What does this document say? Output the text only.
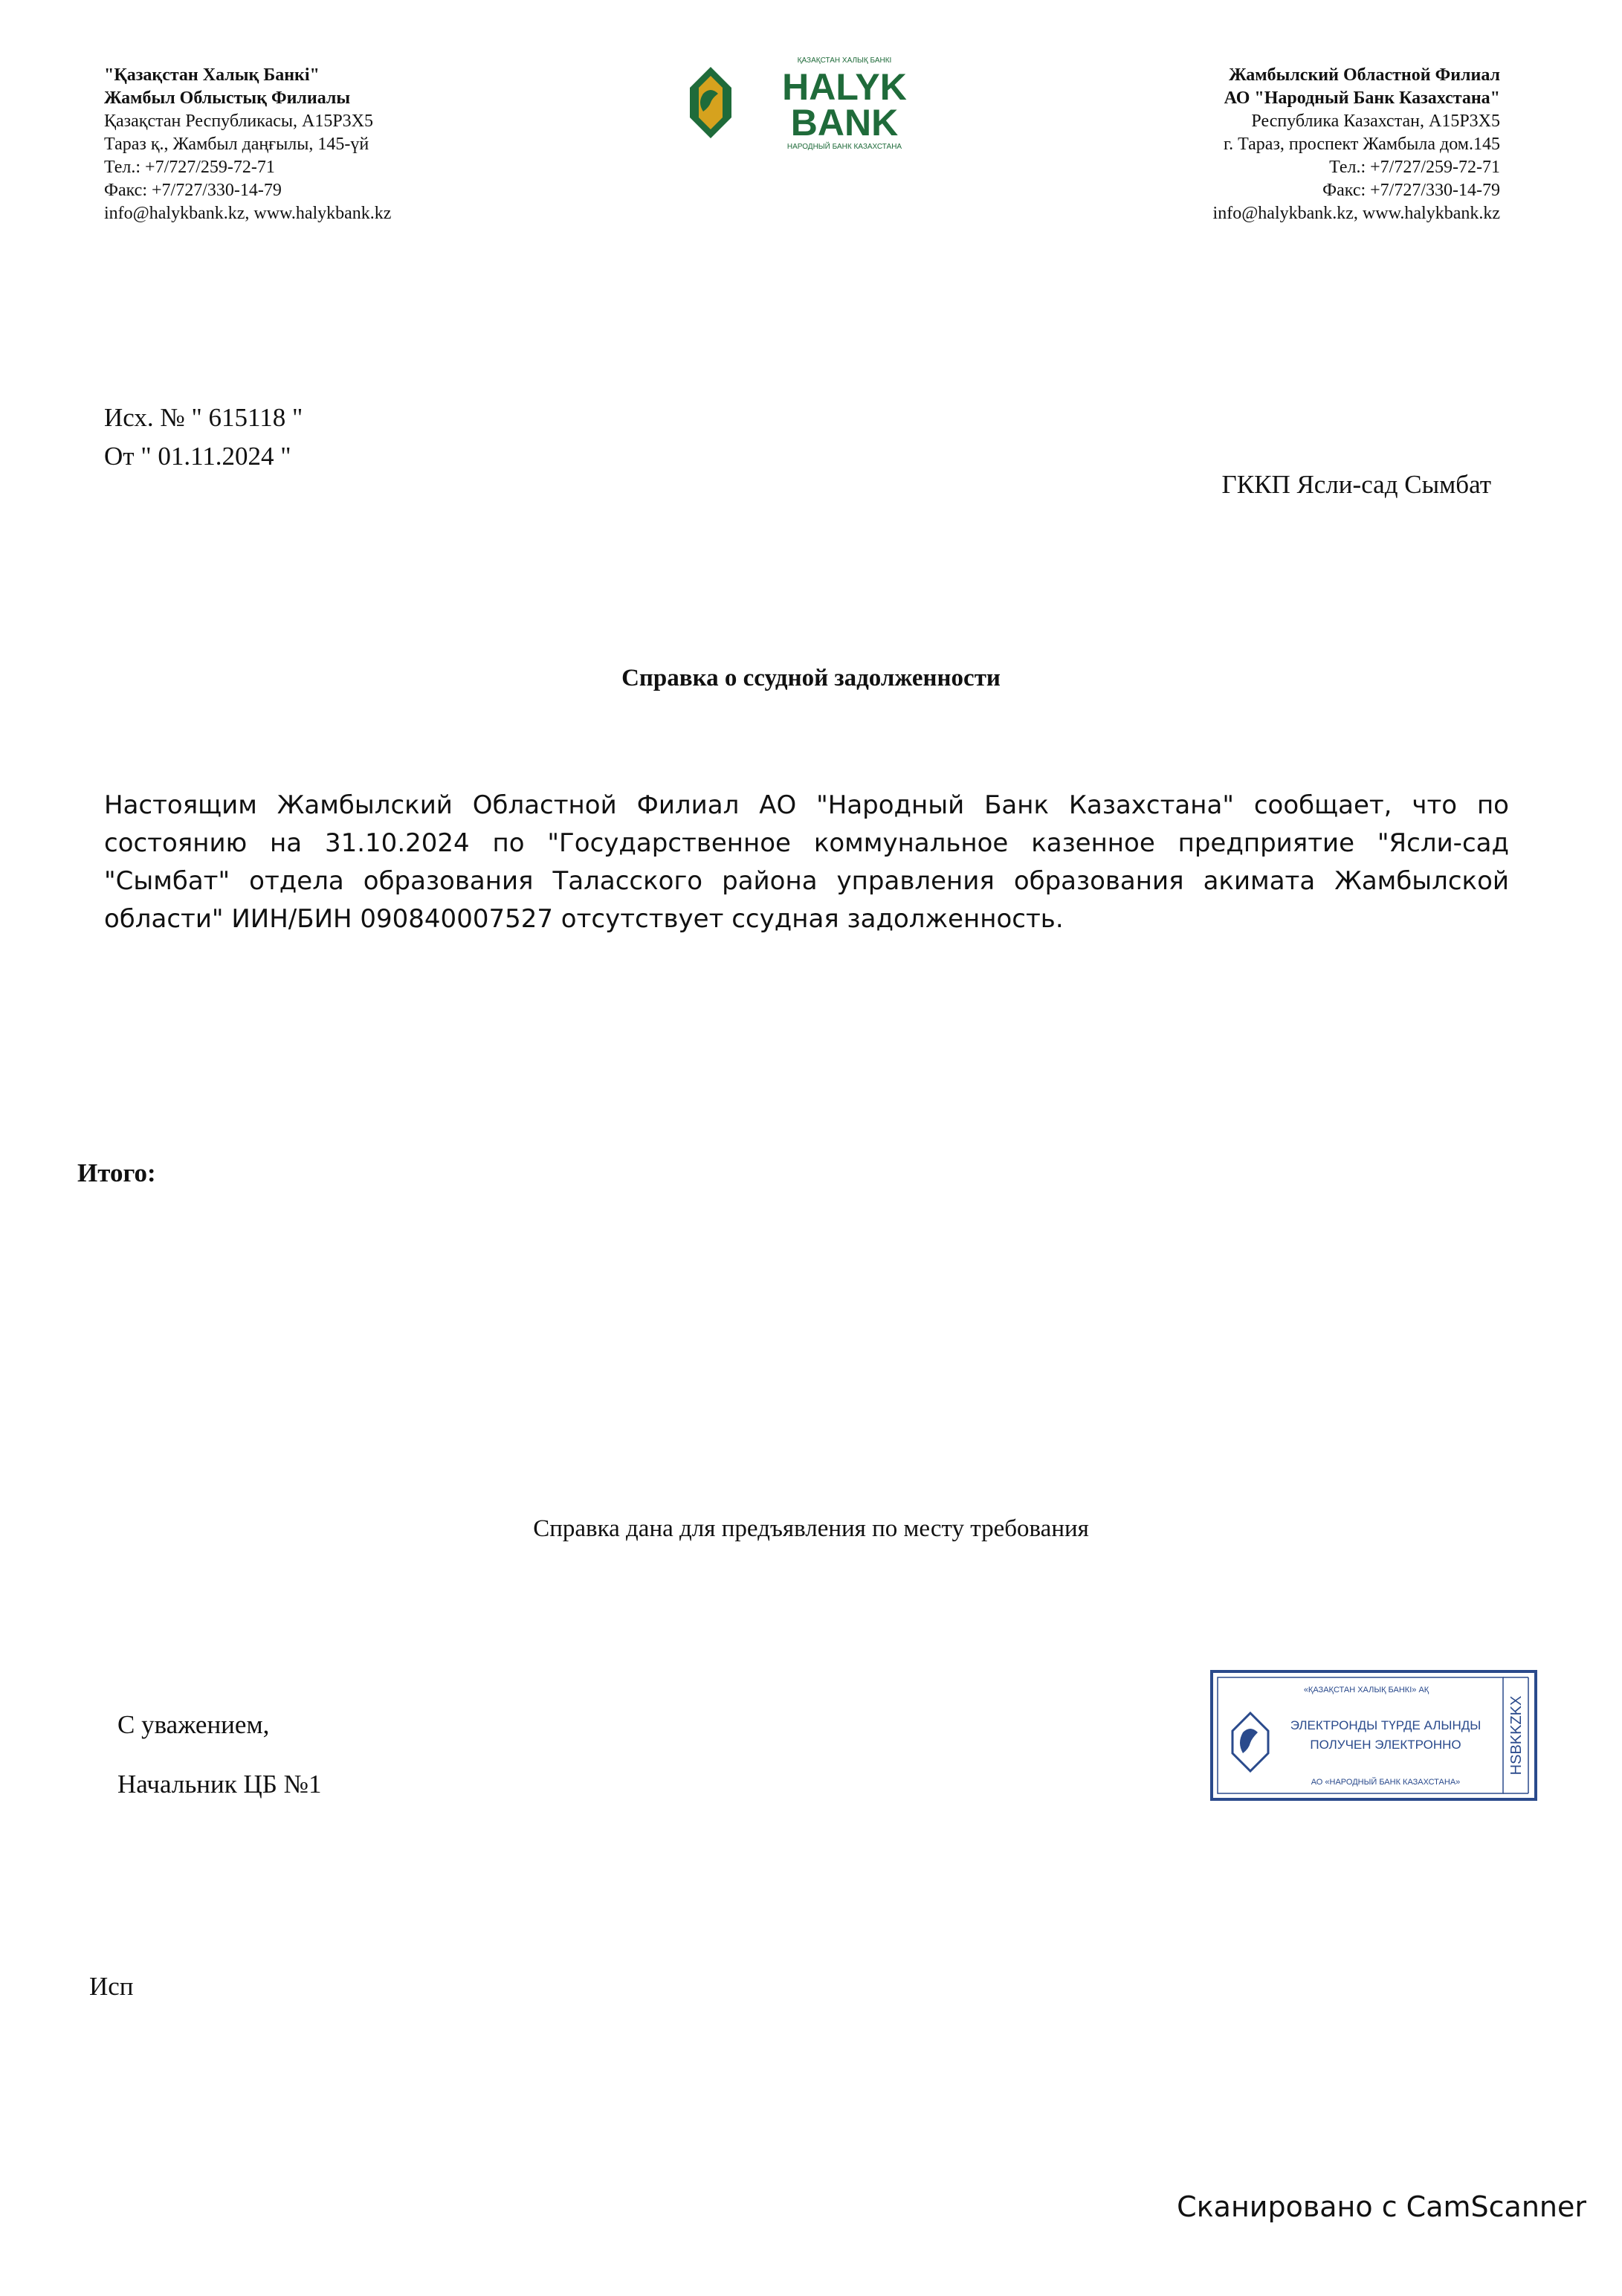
"Қазақстан Халық Банкі"
Жамбыл Облыстық Филиалы
Қазақстан Республикасы, A15P3X5
Тараз қ., Жамбыл даңғылы, 145-үй
Тел.: +7/727/259-72-71
Факс: +7/727/330-14-79
info@halykbank.kz, www.halykbank.kz
ҚАЗАҚСТАН ХАЛЫҚ БАНКІ
HALYK
BANK
НАРОДНЫЙ БАНК КАЗАХСТАНА
Жамбылский Областной Филиал
АО "Народный Банк Казахстана"
Республика Казахстан, A15P3X5
г. Тараз, проспект Жамбыла дом.145
Тел.: +7/727/259-72-71
Факс: +7/727/330-14-79
info@halykbank.kz, www.halykbank.kz
Исх. № " 615118 "
От " 01.11.2024 "
ГККП Ясли-сад Сымбат
Справка о ссудной задолженности
Настоящим Жамбылский Областной Филиал АО "Народный Банк Казахстана" сообщает, что по состоянию на 31.10.2024 по "Государственное коммунальное казенное предприятие "Ясли-сад "Сымбат" отдела образования Таласского района управления образования акимата Жамбылской области" ИИН/БИН 090840007527 отсутствует ссудная задолженность.
Итого:
Справка дана для предъявления по месту требования
С уважением,
Начальник ЦБ №1
«ҚАЗАҚСТАН ХАЛЫҚ БАНКІ» АҚ
ЭЛЕКТРОНДЫ ТҮРДЕ АЛЫНДЫ
ПОЛУЧЕН ЭЛЕКТРОННО
АО «НАРОДНЫЙ БАНК КАЗАХСТАНА»
HSBKKZKX
Исп
Сканировано с CamScanner
